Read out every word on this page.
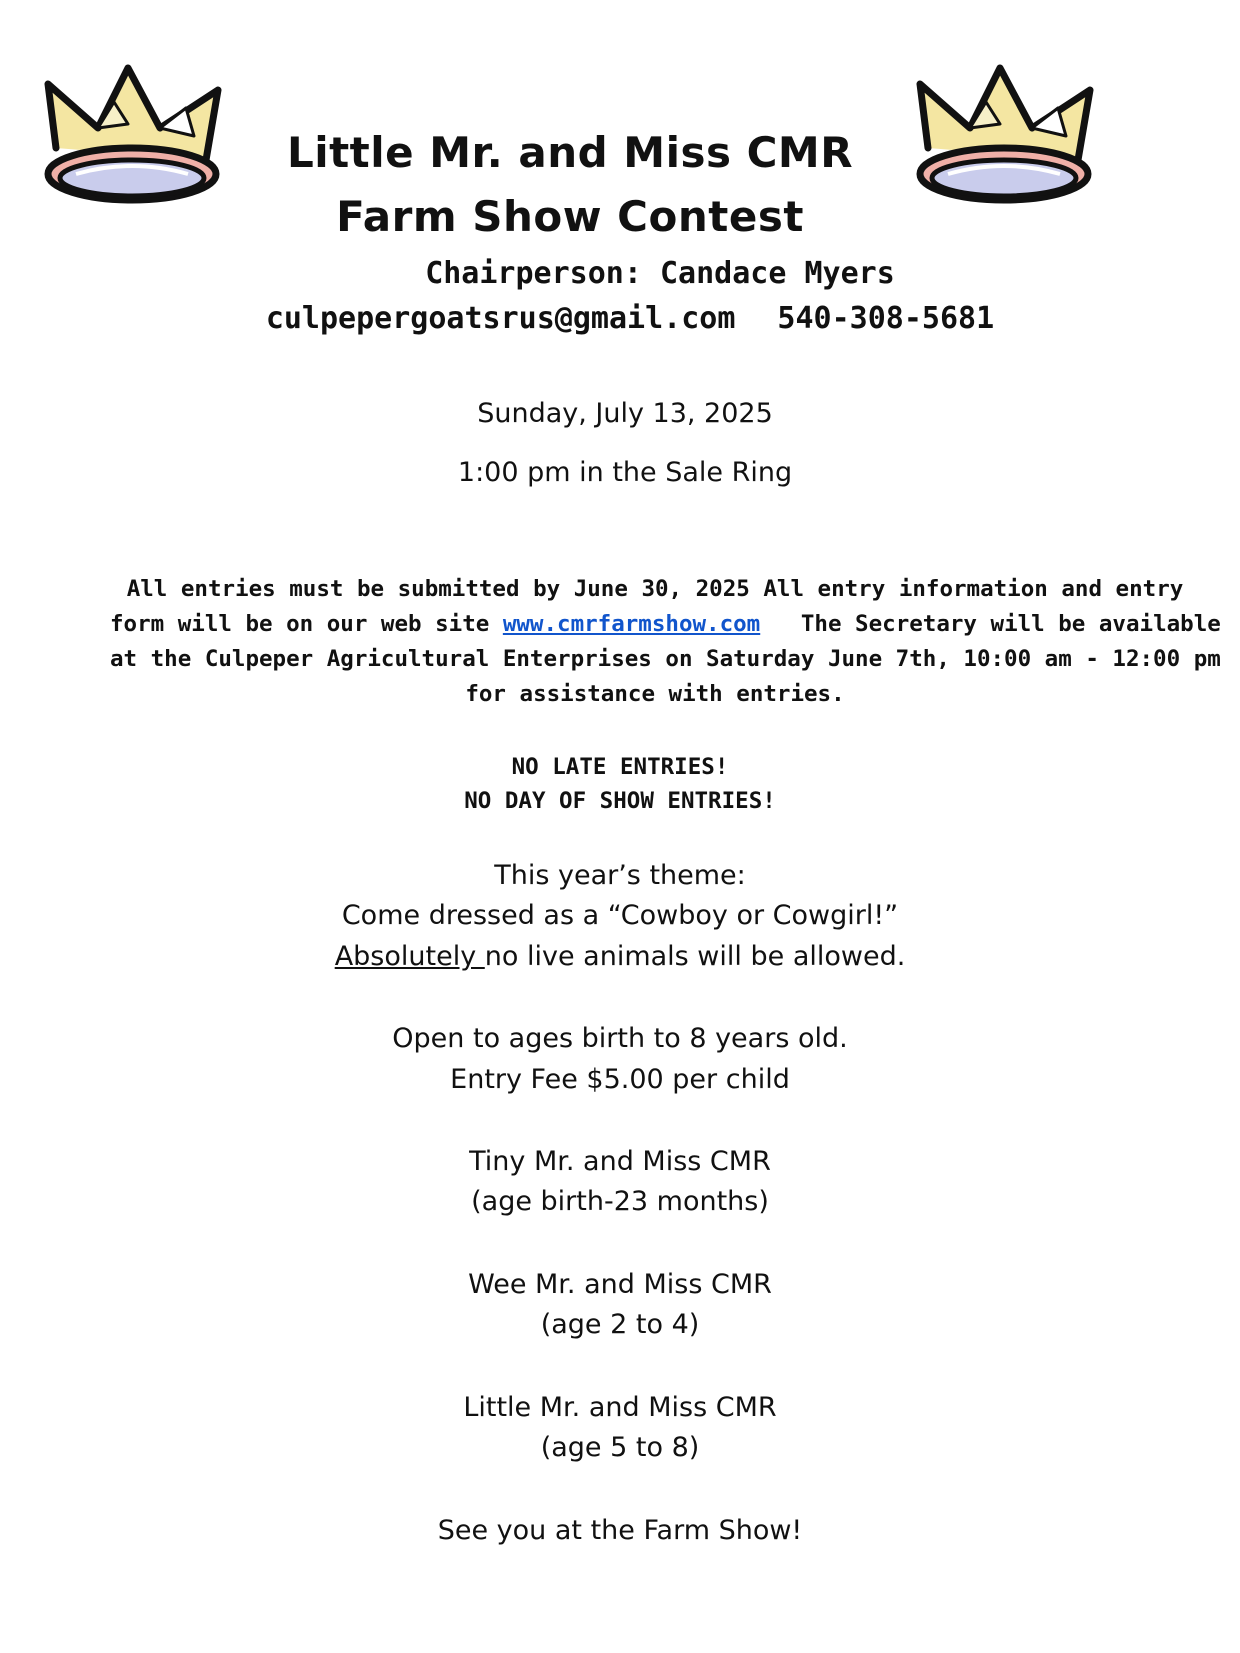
Little Mr. and Miss CMR
Farm Show Contest
Chairperson: Candace Myers
culpepergoatsrus@gmail.com 540-308-5681
Sunday, July 13, 2025
1:00 pm in the Sale Ring
All entries must be submitted by June 30, 2025 All entry information and entry
form will be on our web site www.cmrfarmshow.com   The Secretary will be available
at the Culpeper Agricultural Enterprises on Saturday June 7th, 10:00 am - 12:00 pm
for assistance with entries.
NO LATE ENTRIES!
NO DAY OF SHOW ENTRIES!
This year’s theme:
Come dressed as a “Cowboy or Cowgirl!”
Absolutely no live animals will be allowed.
Open to ages birth to 8 years old.
Entry Fee $5.00 per child
Tiny Mr. and Miss CMR
(age birth-23 months)
Wee Mr. and Miss CMR
(age 2 to 4)
Little Mr. and Miss CMR
(age 5 to 8)
See you at the Farm Show!
